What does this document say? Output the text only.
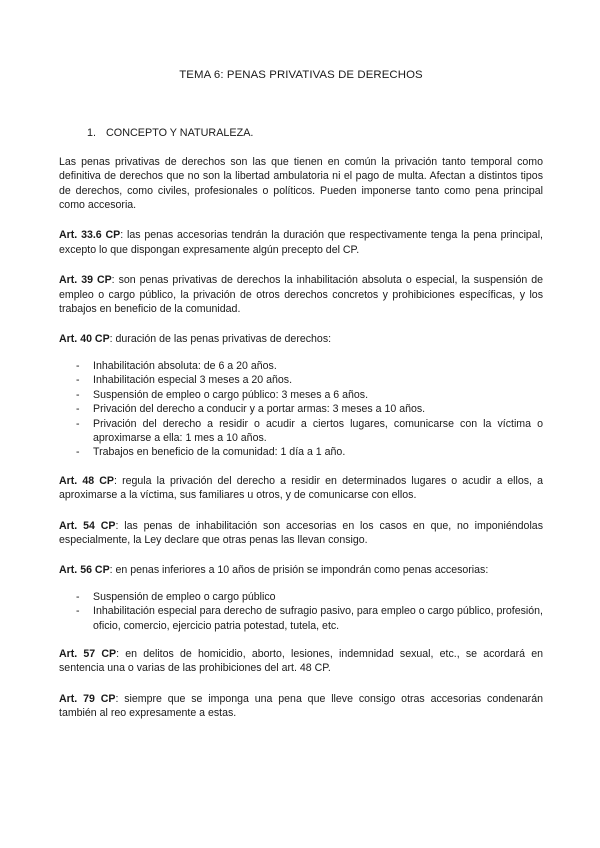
TEMA 6: PENAS PRIVATIVAS DE DERECHOS
1. CONCEPTO Y NATURALEZA.

Las penas privativas de derechos son las que tienen en común la privación tanto temporal como definitiva de derechos que no son la libertad ambulatoria ni el pago de multa. Afectan a distintos tipos de derechos, como civiles, profesionales o políticos. Pueden imponerse tanto como pena principal como accesoria.

Art. 33.6 CP: las penas accesorias tendrán la duración que respectivamente tenga la pena principal, excepto lo que dispongan expresamente algún precepto del CP.

Art. 39 CP: son penas privativas de derechos la inhabilitación absoluta o especial, la suspensión de empleo o cargo público, la privación de otros derechos concretos y prohibiciones específicas, y los trabajos en beneficio de la comunidad.

Art. 40 CP: duración de las penas privativas de derechos:

- Inhabilitación absoluta: de 6 a 20 años.
- Inhabilitación especial 3 meses a 20 años.
- Suspensión de empleo o cargo público: 3 meses a 6 años.
- Privación del derecho a conducir y a portar armas: 3 meses a 10 años.
- Privación del derecho a residir o acudir a ciertos lugares, comunicarse con la víctima o aproximarse a ella: 1 mes a 10 años.
- Trabajos en beneficio de la comunidad: 1 día a 1 año.

Art. 48 CP: regula la privación del derecho a residir en determinados lugares o acudir a ellos, a aproximarse a la víctima, sus familiares u otros, y de comunicarse con ellos.

Art. 54 CP: las penas de inhabilitación son accesorias en los casos en que, no imponiéndolas especialmente, la Ley declare que otras penas las llevan consigo.

Art. 56 CP: en penas inferiores a 10 años de prisión se impondrán como penas accesorias:

- Suspensión de empleo o cargo público
- Inhabilitación especial para derecho de sufragio pasivo, para empleo o cargo público, profesión, oficio, comercio, ejercicio patria potestad, tutela, etc.

Art. 57 CP: en delitos de homicidio, aborto, lesiones, indemnidad sexual, etc., se acordará en sentencia una o varias de las prohibiciones del art. 48 CP.

Art. 79 CP: siempre que se imponga una pena que lleve consigo otras accesorias condenarán también al reo expresamente a estas.
